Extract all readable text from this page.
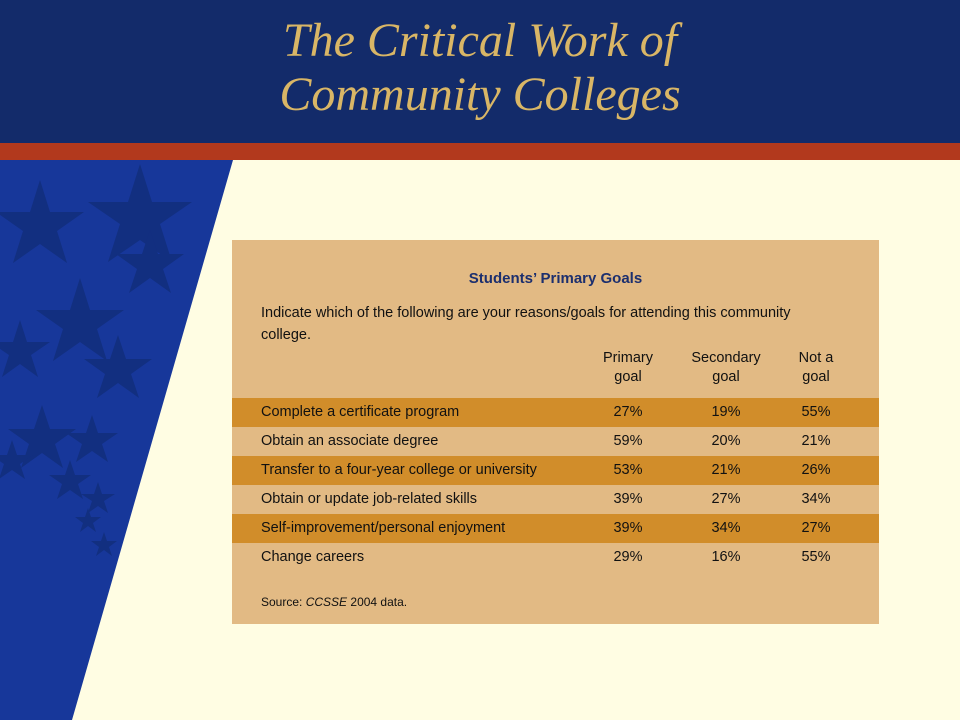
The Critical Work of
Community Colleges
Students’ Primary Goals
Indicate which of the following are your reasons/goals for attending this community college.
Primary
goal
Secondary
goal
Not a
goal
Complete a certificate program	27%	19%	55%
Obtain an associate degree	59%	20%	21%
Transfer to a four-year college or university	53%	21%	26%
Obtain or update job-related skills	39%	27%	34%
Self-improvement/personal enjoyment	39%	34%	27%
Change careers	29%	16%	55%
Source: CCSSE 2004 data.
